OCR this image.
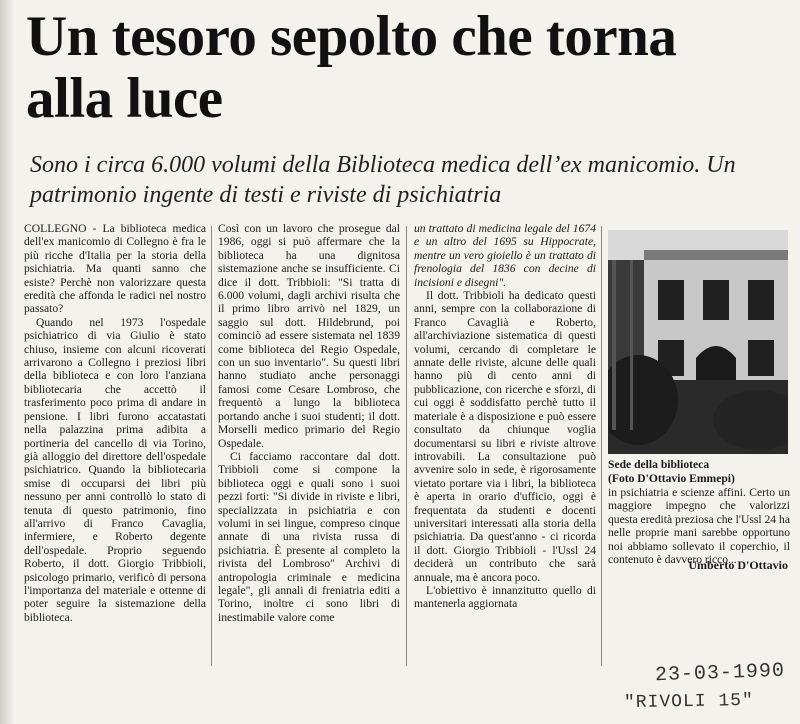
Un tesoro sepolto che torna alla luce

Sono i circa 6.000 volumi della Biblioteca medica dell’ex manicomio. Un patrimonio ingente di testi e riviste di psichiatria

COLLEGNO - La biblioteca medica dell'ex manicomio di Collegno è fra le più ricche d'Italia per la storia della psichiatria. Ma quanti sanno che esiste? Perchè non valorizzare questa eredità che affonda le radici nel nostro passato?

Quando nel 1973 l'ospedale psichiatrico di via Giulio è stato chiuso, insieme con alcuni ricoverati arrivarono a Collegno i preziosi libri della biblioteca e con loro l'anziana bibliotecaria che accettò il trasferimento poco prima di andare in pensione. I libri furono accatastati nella palazzina prima adibita a portineria del cancello di via Torino, già alloggio del direttore dell'ospedale psichiatrico. Quando la bibliotecaria smise di occuparsi dei libri più nessuno per anni controllò lo stato di tenuta di questo patrimonio, fino all'arrivo di Franco Cavaglia, infermiere, e Roberto degente dell'ospedale. Proprio seguendo Roberto, il dott. Giorgio Tribbioli, psicologo primario, verificò di persona l'importanza del materiale e ottenne di poter seguire la sistemazione della biblioteca.

Così con un lavoro che prosegue dal 1986, oggi si può affermare che la biblioteca ha una dignitosa sistemazione anche se insufficiente. Ci dice il dott. Tribbioli: "Si tratta di 6.000 volumi, dagli archivi risulta che il primo libro arrivò nel 1829, un saggio sul dott. Hildebrund, poi cominciò ad essere sistemata nel 1839 come biblioteca del Regio Ospedale, con un suo inventario". Su questi libri hanno studiato anche personaggi famosi come Cesare Lombroso, che frequentò a lungo la biblioteca portando anche i suoi studenti; il dott. Morselli medico primario del Regio Ospedale.

Ci facciamo raccontare dal dott. Tribbioli come si compone la biblioteca oggi e quali sono i suoi pezzi forti: "Si divide in riviste e libri, specializzata in psichiatria e con volumi in sei lingue, compreso cinque annate di una rivista russa di psichiatria. È presente al completo la rivista del Lombroso" Archivi di antropologia criminale e medicina legale", gli annali di freniatria editi a Torino, inoltre ci sono libri di inestimabile valore come

un trattato di medicina legale del 1674 e un altro del 1695 su Hippocrate, mentre un vero gioiello è un trattato di frenologia del 1836 con decine di incisioni e disegni".

Il dott. Tribbioli ha dedicato questi anni, sempre con la collaborazione di Franco Cavaglià e Roberto, all'archiviazione sistematica di questi volumi, cercando di completare le annate delle riviste, alcune delle quali hanno più di cento anni di pubblicazione, con ricerche e sforzi, di cui oggi è soddisfatto perchè tutto il materiale è a disposizione e può essere consultato da chiunque voglia documentarsi su libri e riviste altrove introvabili. La consultazione può avvenire solo in sede, è rigorosamente vietato portare via i libri, la biblioteca è aperta in orario d'ufficio, oggi è frequentata da studenti e docenti universitari interessati alla storia della psichiatria. Da quest'anno - ci ricorda il dott. Giorgio Tribbioli - l'Ussl 24 deciderà un contributo che sarà annuale, ma è ancora poco.

L'obiettivo è innanzitutto quello di mantenerla aggiornata

Sede della biblioteca
(Foto D'Ottavio Emmepi)

in psichiatria e scienze affini. Certo un maggiore impegno che valorizzi questa eredità preziosa che l'Ussl 24 ha nelle proprie mani sarebbe opportuno noi abbiamo sollevato il coperchio, il contenuto è davvero ricco...

Umberto D'Ottavio
23-03-1990
"RIVOLI 15"
